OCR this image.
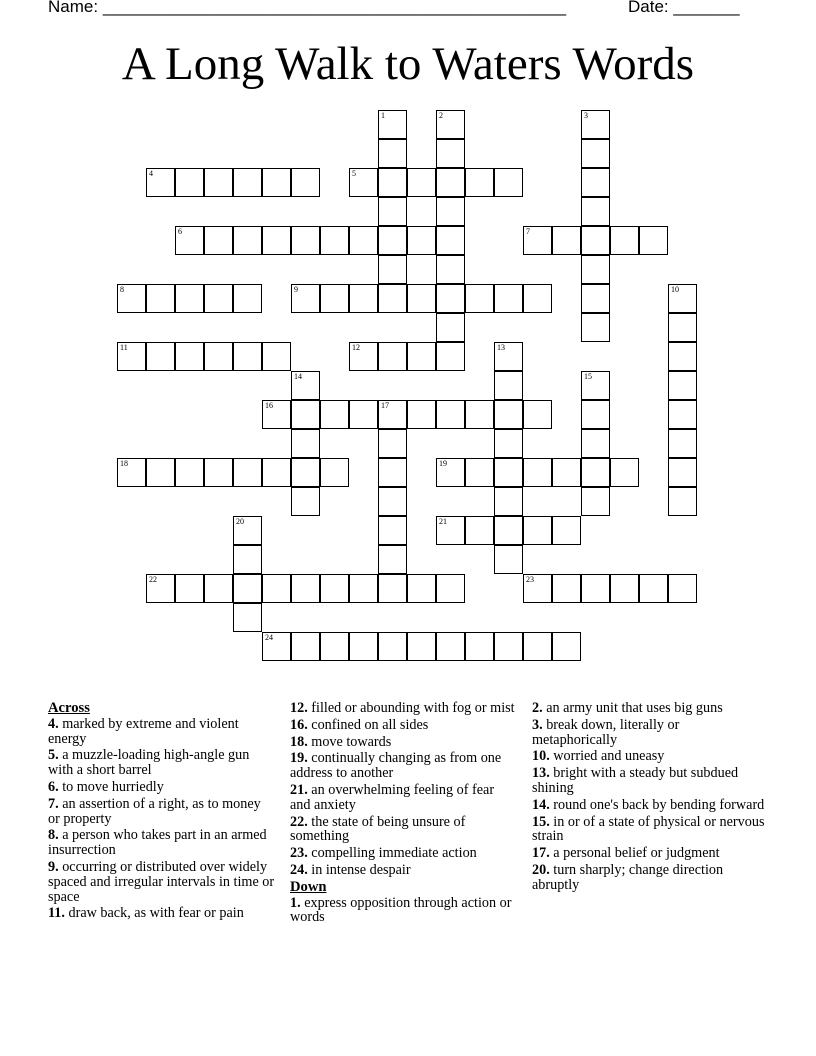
Name: _________________________________________________	Date: _______
A Long Walk to Waters Words
1	2	3
4	5
6	7
8	9	10
11	12	13
14	15
16	17
18	19
20	21
22	23
24
Across
4. marked by extreme and violent energy
5. a muzzle-loading high-angle gun with a short barrel
6. to move hurriedly
7. an assertion of a right, as to money or property
8. a person who takes part in an armed insurrection
9. occurring or distributed over widely spaced and irregular intervals in time or space
11. draw back, as with fear or pain
12. filled or abounding with fog or mist
16. confined on all sides
18. move towards
19. continually changing as from one address to another
21. an overwhelming feeling of fear and anxiety
22. the state of being unsure of something
23. compelling immediate action
24. in intense despair
Down
1. express opposition through action or words
2. an army unit that uses big guns
3. break down, literally or metaphorically
10. worried and uneasy
13. bright with a steady but subdued shining
14. round one's back by bending forward
15. in or of a state of physical or nervous strain
17. a personal belief or judgment
20. turn sharply; change direction abruptly
